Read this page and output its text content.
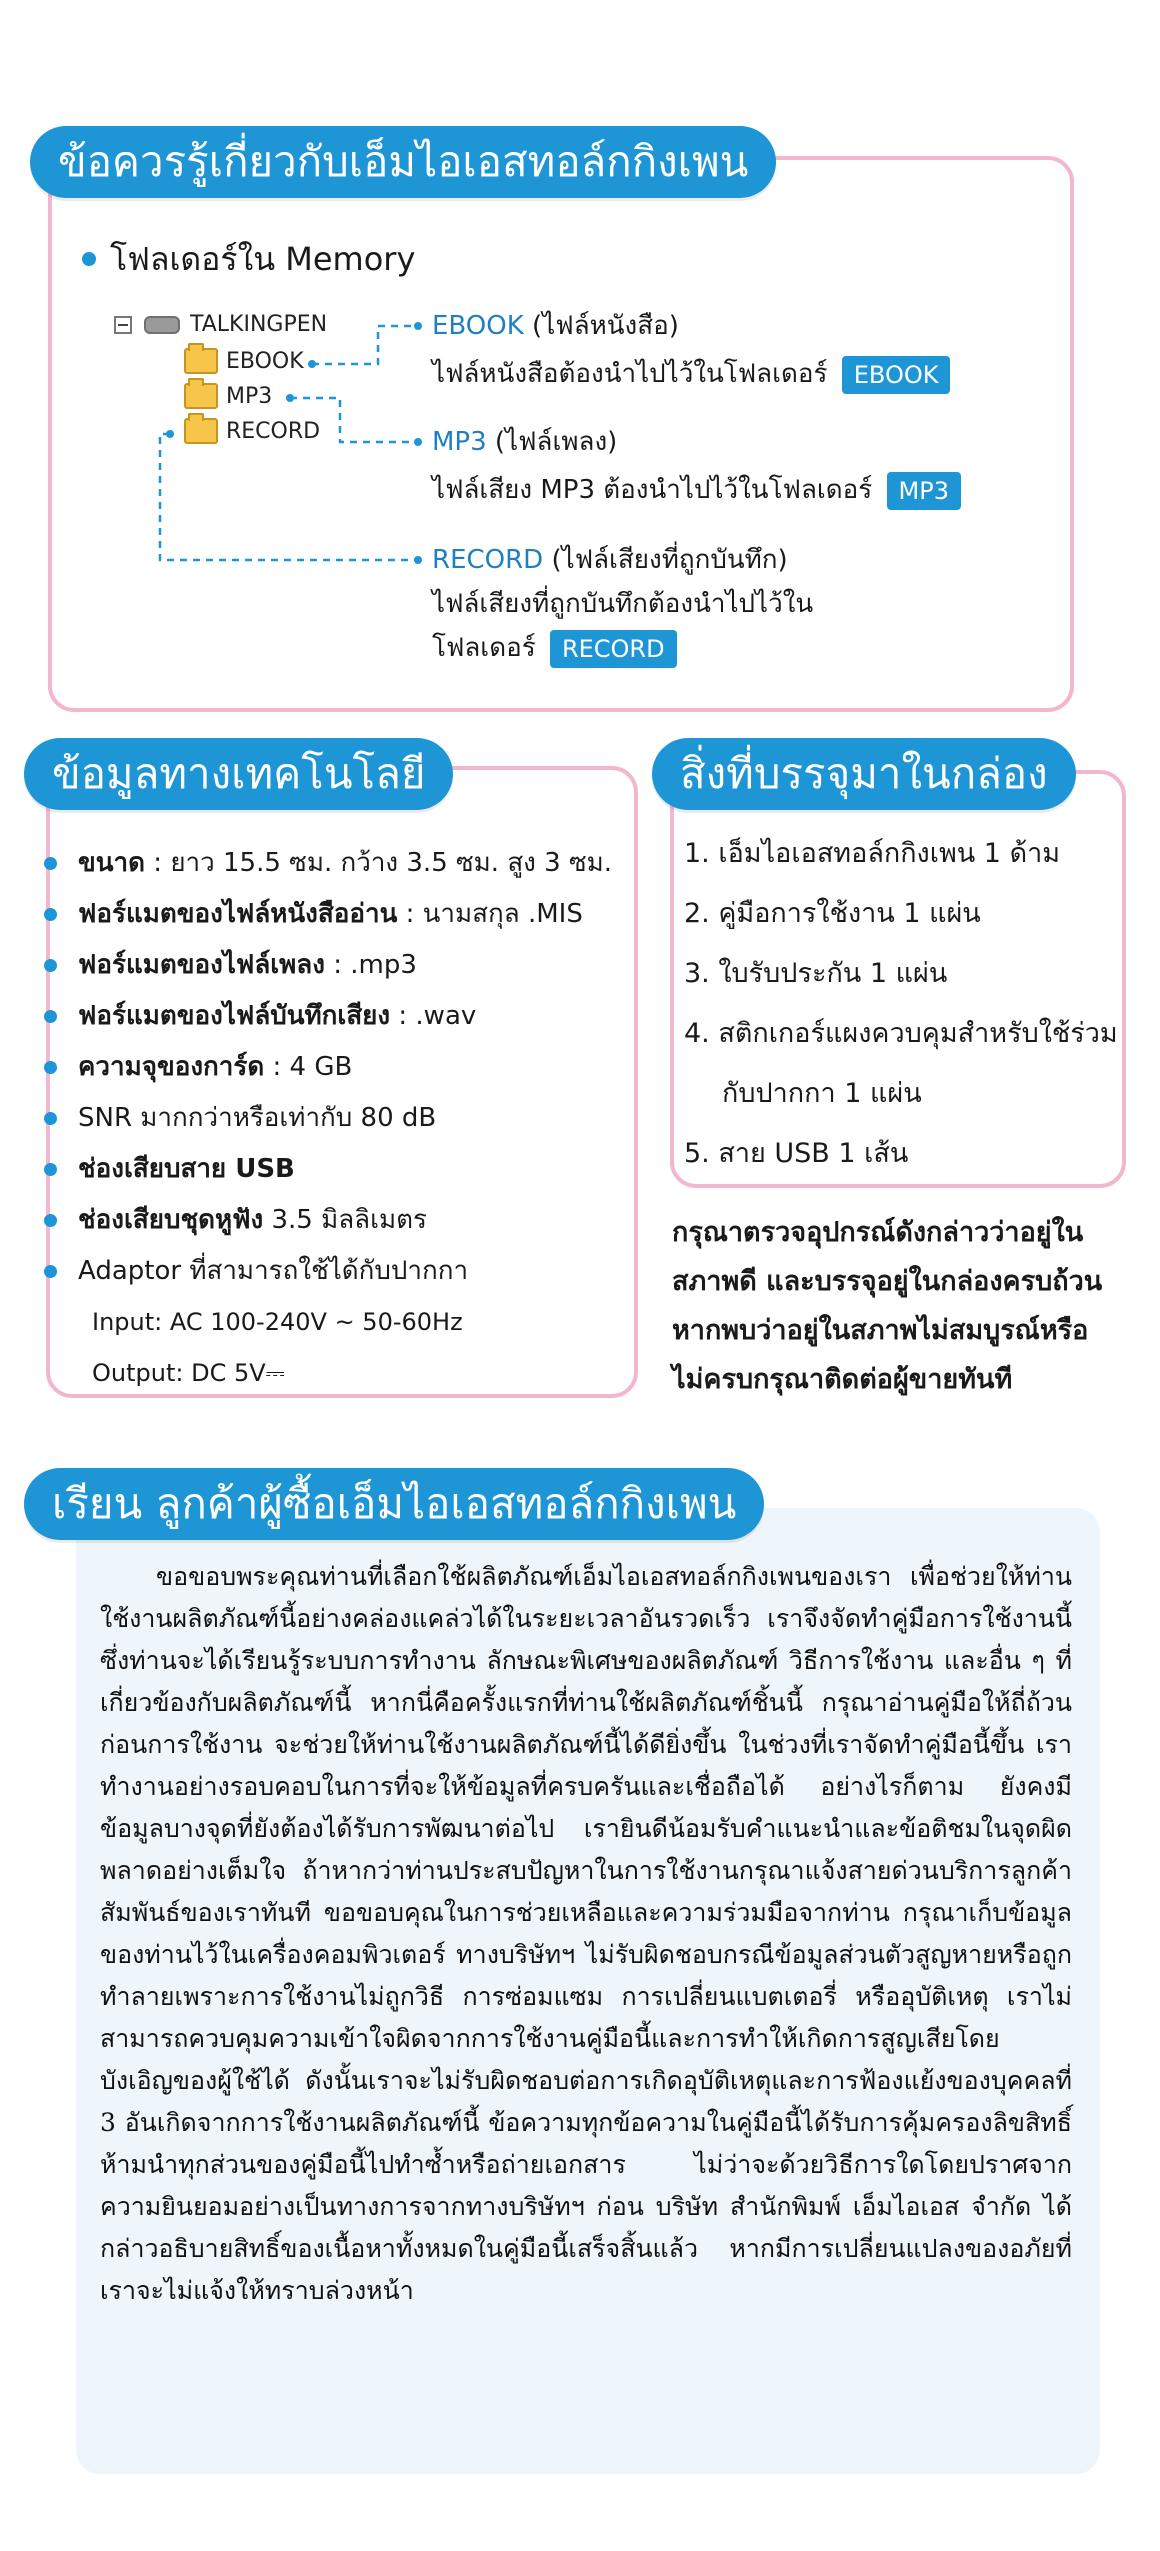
ข้อควรรู้เกี่ยวกับเอ็มไอเอสทอล์กกิงเพน
โฟลเดอร์ใน Memory
TALKINGPEN
EBOOK
MP3
RECORD
EBOOK (ไฟล์หนังสือ)
ไฟล์หนังสือต้องนำไปไว้ในโฟลเดอร์ EBOOK
MP3 (ไฟล์เพลง)
ไฟล์เสียง MP3 ต้องนำไปไว้ในโฟลเดอร์ MP3
RECORD (ไฟล์เสียงที่ถูกบันทึก)
ไฟล์เสียงที่ถูกบันทึกต้องนำไปไว้ใน
โฟลเดอร์ RECORD
ข้อมูลทางเทคโนโลยี
ขนาด : ยาว 15.5 ซม. กว้าง 3.5 ซม. สูง 3 ซม.
ฟอร์แมตของไฟล์หนังสืออ่าน : นามสกุล .MIS
ฟอร์แมตของไฟล์เพลง : .mp3
ฟอร์แมตของไฟล์บันทึกเสียง : .wav
ความจุของการ์ด : 4 GB
SNR มากกว่าหรือเท่ากับ 80 dB
ช่องเสียบสาย USB
ช่องเสียบชุดหูฟัง 3.5 มิลลิเมตร
Adaptor ที่สามารถใช้ได้กับปากกา
Input: AC 100-240V ~ 50-60Hz
Output: DC 5V⎓
สิ่งที่บรรจุมาในกล่อง
1. เอ็มไอเอสทอล์กกิงเพน 1 ด้าม
2. คู่มือการใช้งาน 1 แผ่น
3. ใบรับประกัน 1 แผ่น
4. สติกเกอร์แผงควบคุมสำหรับใช้ร่วม
กับปากกา 1 แผ่น
5. สาย USB 1 เส้น
กรุณาตรวจอุปกรณ์ดังกล่าวว่าอยู่ใน
สภาพดี และบรรจุอยู่ในกล่องครบถ้วน
หากพบว่าอยู่ในสภาพไม่สมบูรณ์หรือ
ไม่ครบกรุณาติดต่อผู้ขายทันที
เรียน ลูกค้าผู้ซื้อเอ็มไอเอสทอล์กกิงเพน
ขอขอบพระคุณท่านที่เลือกใช้ผลิตภัณฑ์เอ็มไอเอสทอล์กกิงเพนของเรา เพื่อช่วยให้ท่านใช้งานผลิตภัณฑ์นี้อย่างคล่องแคล่วได้ในระยะเวลาอันรวดเร็ว เราจึงจัดทำคู่มือการใช้งานนี้ ซึ่งท่านจะได้เรียนรู้ระบบการทำงาน ลักษณะพิเศษของผลิตภัณฑ์ วิธีการใช้งาน และอื่น ๆ ที่เกี่ยวข้องกับผลิตภัณฑ์นี้ หากนี่คือครั้งแรกที่ท่านใช้ผลิตภัณฑ์ชิ้นนี้ กรุณาอ่านคู่มือให้ถี่ถ้วนก่อนการใช้งาน จะช่วยให้ท่านใช้งานผลิตภัณฑ์นี้ได้ดียิ่งขึ้น ในช่วงที่เราจัดทำคู่มือนี้ขึ้น เราทำงานอย่างรอบคอบในการที่จะให้ข้อมูลที่ครบครันและเชื่อถือได้ อย่างไรก็ตาม ยังคงมีข้อมูลบางจุดที่ยังต้องได้รับการพัฒนาต่อไป เรายินดีน้อมรับคำแนะนำและข้อติชมในจุดผิดพลาดอย่างเต็มใจ ถ้าหากว่าท่านประสบปัญหาในการใช้งานกรุณาแจ้งสายด่วนบริการลูกค้าสัมพันธ์ของเราทันที ขอขอบคุณในการช่วยเหลือและความร่วมมือจากท่าน กรุณาเก็บข้อมูลของท่านไว้ในเครื่องคอมพิวเตอร์ ทางบริษัทฯ ไม่รับผิดชอบกรณีข้อมูลส่วนตัวสูญหายหรือถูกทำลายเพราะการใช้งานไม่ถูกวิธี การซ่อมแซม การเปลี่ยนแบตเตอรี่ หรืออุบัติเหตุ เราไม่สามารถควบคุมความเข้าใจผิดจากการใช้งานคู่มือนี้และการทำให้เกิดการสูญเสียโดยบังเอิญของผู้ใช้ได้ ดังนั้นเราจะไม่รับผิดชอบต่อการเกิดอุบัติเหตุและการฟ้องแย้งของบุคคลที่ 3 อันเกิดจากการใช้งานผลิตภัณฑ์นี้ ข้อความทุกข้อความในคู่มือนี้ได้รับการคุ้มครองลิขสิทธิ์ ห้ามนำทุกส่วนของคู่มือนี้ไปทำซ้ำหรือถ่ายเอกสาร ไม่ว่าจะด้วยวิธีการใดโดยปราศจากความยินยอมอย่างเป็นทางการจากทางบริษัทฯ ก่อน บริษัท สำนักพิมพ์ เอ็มไอเอส จำกัด ได้กล่าวอธิบายสิทธิ์ของเนื้อหาทั้งหมดในคู่มือนี้เสร็จสิ้นแล้ว หากมีการเปลี่ยนแปลงของอภัยที่เราจะไม่แจ้งให้ทราบล่วงหน้า
